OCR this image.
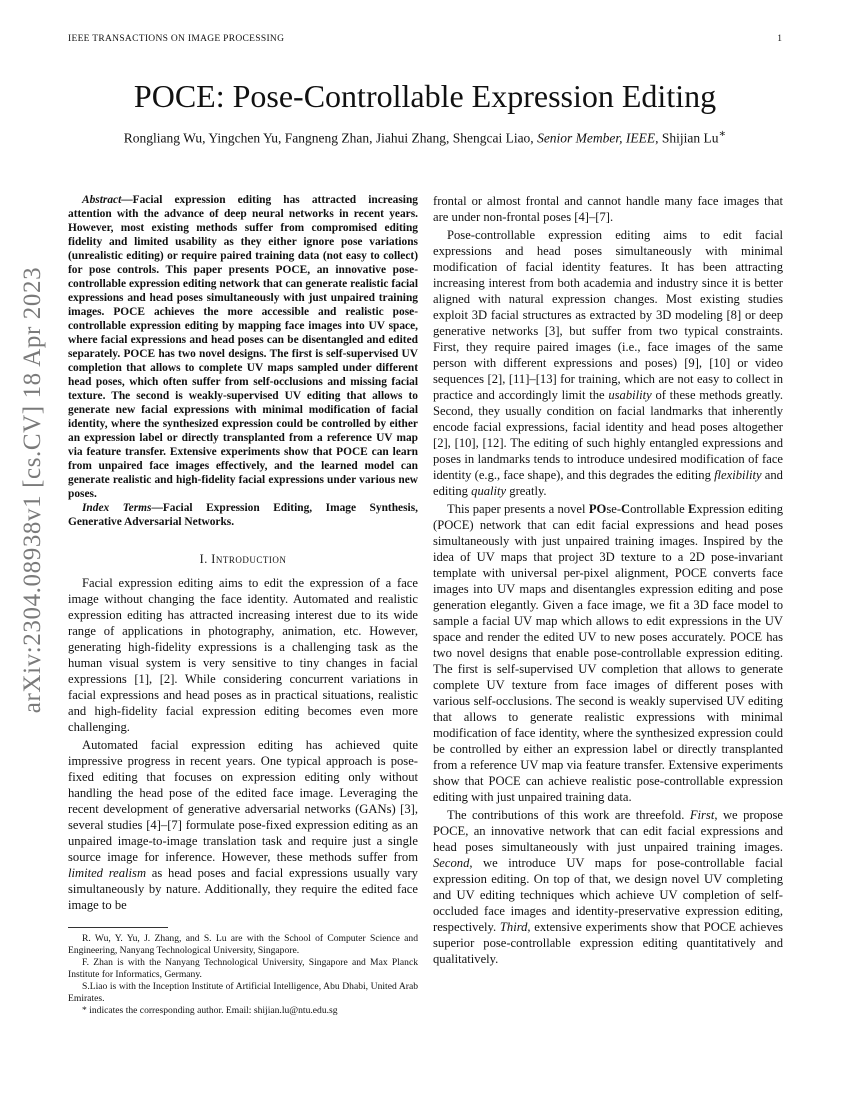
IEEE TRANSACTIONS ON IMAGE PROCESSING	1
arXiv:2304.08938v1 [cs.CV] 18 Apr 2023
POCE: Pose-Controllable Expression Editing
Rongliang Wu, Yingchen Yu, Fangneng Zhan, Jiahui Zhang, Shengcai Liao, Senior Member, IEEE, Shijian Lu∗

Abstract—Facial expression editing has attracted increasing attention with the advance of deep neural networks in recent years. However, most existing methods suffer from compromised editing fidelity and limited usability as they either ignore pose variations (unrealistic editing) or require paired training data (not easy to collect) for pose controls. This paper presents POCE, an innovative pose-controllable expression editing network that can generate realistic facial expressions and head poses simultaneously with just unpaired training images. POCE achieves the more accessible and realistic pose-controllable expression editing by mapping face images into UV space, where facial expressions and head poses can be disentangled and edited separately. POCE has two novel designs. The first is self-supervised UV completion that allows to complete UV maps sampled under different head poses, which often suffer from self-occlusions and missing facial texture. The second is weakly-supervised UV editing that allows to generate new facial expressions with minimal modification of facial identity, where the synthesized expression could be controlled by either an expression label or directly transplanted from a reference UV map via feature transfer. Extensive experiments show that POCE can learn from unpaired face images effectively, and the learned model can generate realistic and high-fidelity facial expressions under various new poses.

Index Terms—Facial Expression Editing, Image Synthesis, Generative Adversarial Networks.

I. Introduction

Facial expression editing aims to edit the expression of a face image without changing the face identity. Automated and realistic expression editing has attracted increasing interest due to its wide range of applications in photography, animation, etc. However, generating high-fidelity expressions is a challenging task as the human visual system is very sensitive to tiny changes in facial expressions [1], [2]. While considering concurrent variations in facial expressions and head poses as in practical situations, realistic and high-fidelity facial expression editing becomes even more challenging.

Automated facial expression editing has achieved quite impressive progress in recent years. One typical approach is pose-fixed editing that focuses on expression editing only without handling the head pose of the edited face image. Leveraging the recent development of generative adversarial networks (GANs) [3], several studies [4]–[7] formulate pose-fixed expression editing as an unpaired image-to-image translation task and require just a single source image for inference. However, these methods suffer from limited realism as head poses and facial expressions usually vary simultaneously by nature. Additionally, they require the edited face image to be

R. Wu, Y. Yu, J. Zhang, and S. Lu are with the School of Computer Science and Engineering, Nanyang Technological University, Singapore.

F. Zhan is with the Nanyang Technological University, Singapore and Max Planck Institute for Informatics, Germany.

S.Liao is with the Inception Institute of Artificial Intelligence, Abu Dhabi, United Arab Emirates.

* indicates the corresponding author. Email: shijian.lu@ntu.edu.sg

frontal or almost frontal and cannot handle many face images that are under non-frontal poses [4]–[7].

Pose-controllable expression editing aims to edit facial expressions and head poses simultaneously with minimal modification of facial identity features. It has been attracting increasing interest from both academia and industry since it is better aligned with natural expression changes. Most existing studies exploit 3D facial structures as extracted by 3D modeling [8] or deep generative networks [3], but suffer from two typical constraints. First, they require paired images (i.e., face images of the same person with different expressions and poses) [9], [10] or video sequences [2], [11]–[13] for training, which are not easy to collect in practice and accordingly limit the usability of these methods greatly. Second, they usually condition on facial landmarks that inherently encode facial expressions, facial identity and head poses altogether [2], [10], [12]. The editing of such highly entangled expressions and poses in landmarks tends to introduce undesired modification of face identity (e.g., face shape), and this degrades the editing flexibility and editing quality greatly.

This paper presents a novel POse-Controllable Expression editing (POCE) network that can edit facial expressions and head poses simultaneously with just unpaired training images. Inspired by the idea of UV maps that project 3D texture to a 2D pose-invariant template with universal per-pixel alignment, POCE converts face images into UV maps and disentangles expression editing and pose generation elegantly. Given a face image, we fit a 3D face model to sample a facial UV map which allows to edit expressions in the UV space and render the edited UV to new poses accurately. POCE has two novel designs that enable pose-controllable expression editing. The first is self-supervised UV completion that allows to generate complete UV texture from face images of different poses with various self-occlusions. The second is weakly supervised UV editing that allows to generate realistic expressions with minimal modification of face identity, where the synthesized expression could be controlled by either an expression label or directly transplanted from a reference UV map via feature transfer. Extensive experiments show that POCE can achieve realistic pose-controllable expression editing with just unpaired training data.

The contributions of this work are threefold. First, we propose POCE, an innovative network that can edit facial expressions and head poses simultaneously with just unpaired training images. Second, we introduce UV maps for pose-controllable facial expression editing. On top of that, we design novel UV completing and UV editing techniques which achieve UV completion of self-occluded face images and identity-preservative expression editing, respectively. Third, extensive experiments show that POCE achieves superior pose-controllable expression editing quantitatively and qualitatively.
